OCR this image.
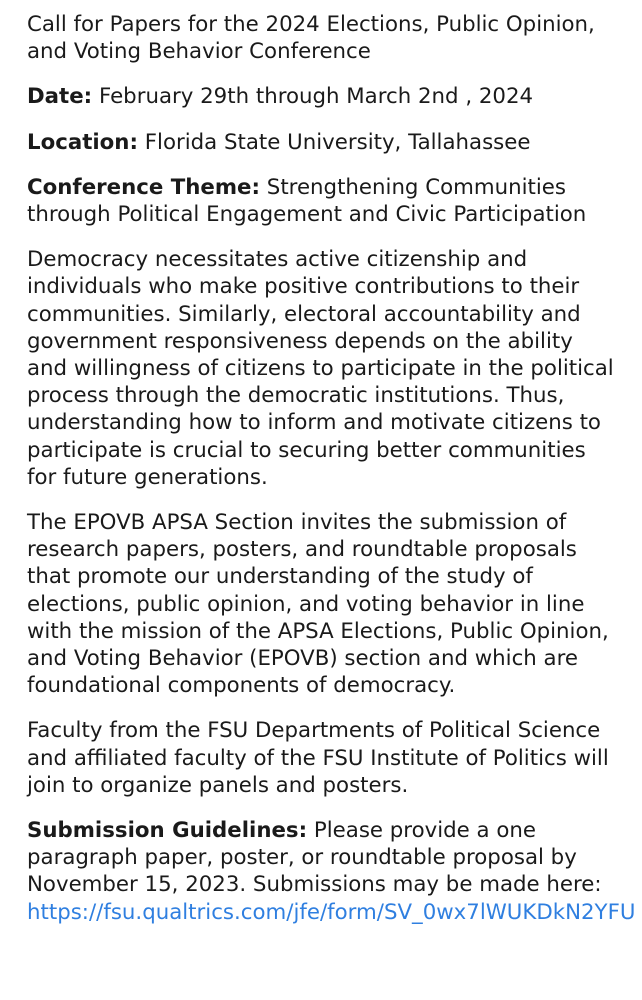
Call for Papers for the 2024 Elections, Public Opinion, and Voting Behavior Conference

Date: February 29th through March 2nd , 2024

Location: Florida State University, Tallahassee

Conference Theme: Strengthening Communities through Political Engagement and Civic Participation

Democracy necessitates active citizenship and individuals who make positive contributions to their communities. Similarly, electoral accountability and government responsiveness depends on the ability and willingness of citizens to participate in the political process through the democratic institutions. Thus, understanding how to inform and motivate citizens to participate is crucial to securing better communities for future generations.

The EPOVB APSA Section invites the submission of research papers, posters, and roundtable proposals that promote our understanding of the study of elections, public opinion, and voting behavior in line with the mission of the APSA Elections, Public Opinion, and Voting Behavior (EPOVB) section and which are foundational components of democracy.

Faculty from the FSU Departments of Political Science and affiliated faculty of the FSU Institute of Politics will join to organize panels and posters.

Submission Guidelines: Please provide a one paragraph paper, poster, or roundtable proposal by November 15, 2023. Submissions may be made here: https://fsu.qualtrics.com/jfe/form/SV_0wx7lWUKDkN2YFU
